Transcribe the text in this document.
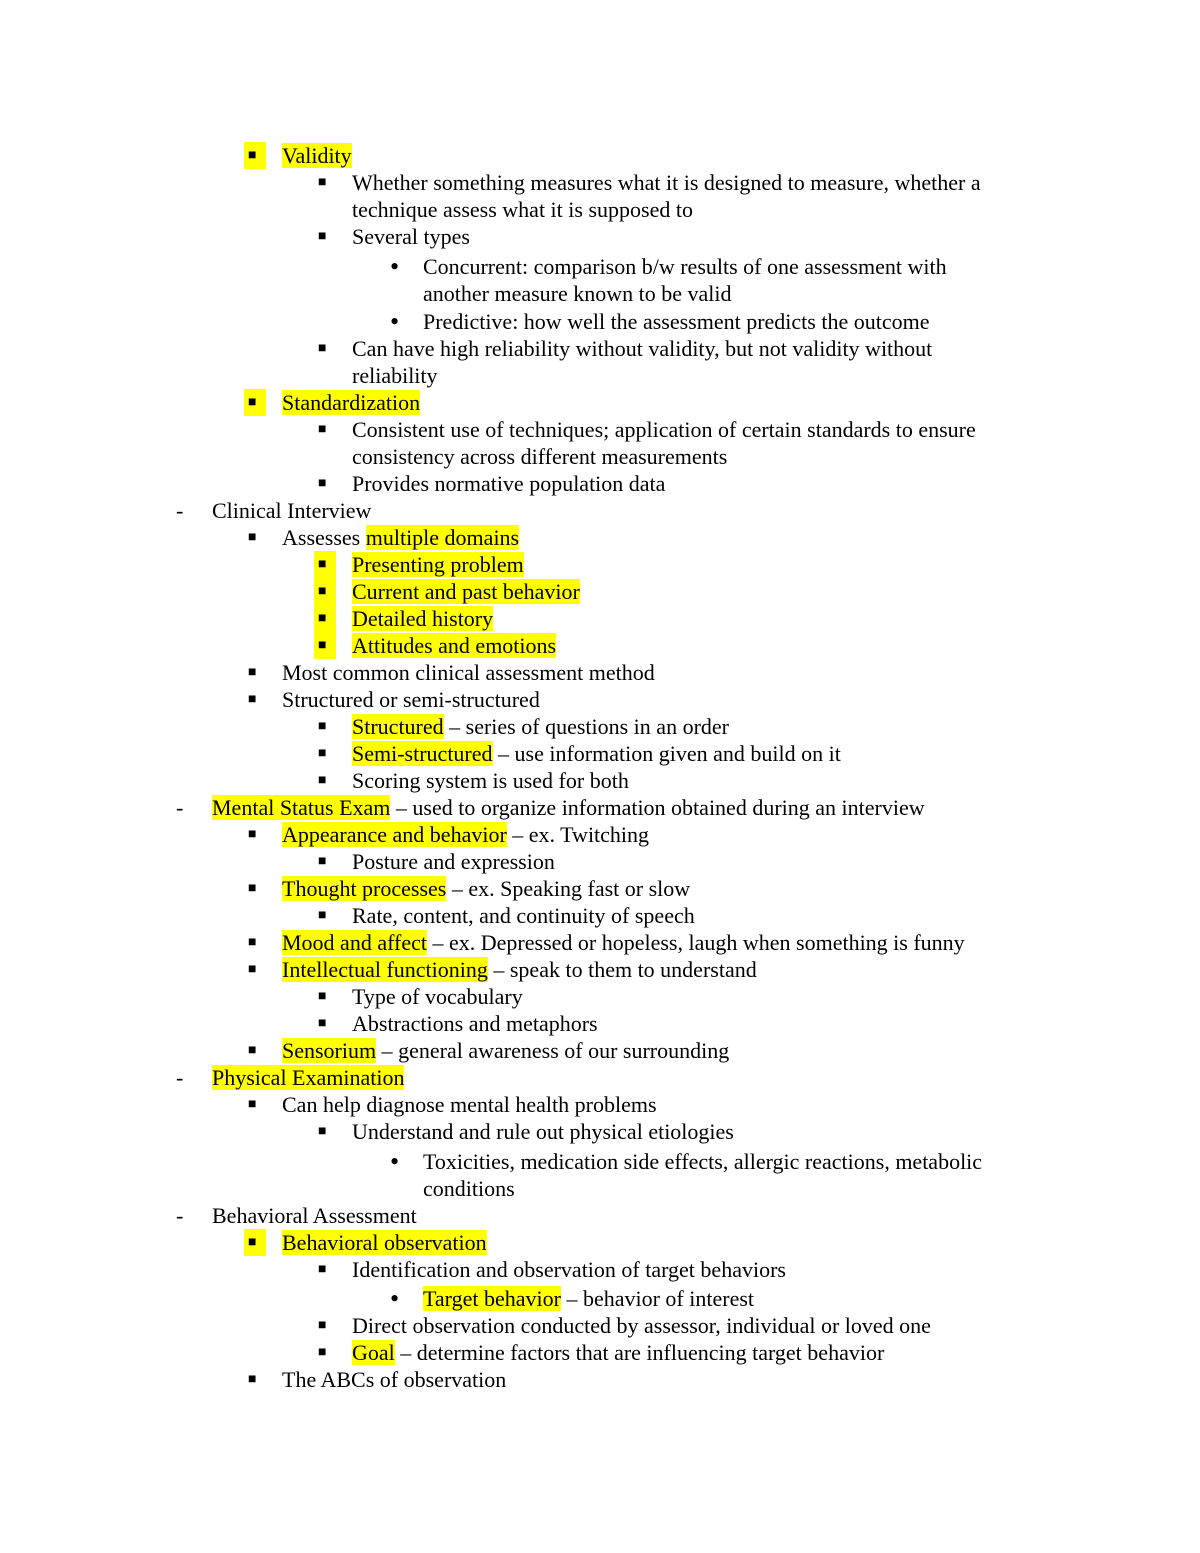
■	Validity
■ Whether something measures what it is designed to measure, whether a
technique assess what it is supposed to
■ Several types
• Concurrent: comparison b/w results of one assessment with
another measure known to be valid
• Predictive: how well the assessment predicts the outcome
■ Can have high reliability without validity, but not validity without
reliability
■	Standardization
■ Consistent use of techniques; application of certain standards to ensure
consistency across different measurements
■ Provides normative population data
- Clinical Interview
■ Assesses multiple domains
■	Presenting problem
■	Current and past behavior
■	Detailed history
■	Attitudes and emotions
■ Most common clinical assessment method
■ Structured or semi-structured
■ Structured – series of questions in an order
■ Semi-structured – use information given and build on it
■ Scoring system is used for both
- Mental Status Exam – used to organize information obtained during an interview
■ Appearance and behavior – ex. Twitching
■ Posture and expression
■ Thought processes – ex. Speaking fast or slow
■ Rate, content, and continuity of speech
■ Mood and affect – ex. Depressed or hopeless, laugh when something is funny
■ Intellectual functioning – speak to them to understand
■ Type of vocabulary
■ Abstractions and metaphors
■ Sensorium – general awareness of our surrounding
- Physical Examination
■ Can help diagnose mental health problems
■ Understand and rule out physical etiologies
• Toxicities, medication side effects, allergic reactions, metabolic
conditions
- Behavioral Assessment
■	Behavioral observation
■ Identification and observation of target behaviors
• Target behavior – behavior of interest
■ Direct observation conducted by assessor, individual or loved one
■ Goal – determine factors that are influencing target behavior
■ The ABCs of observation
